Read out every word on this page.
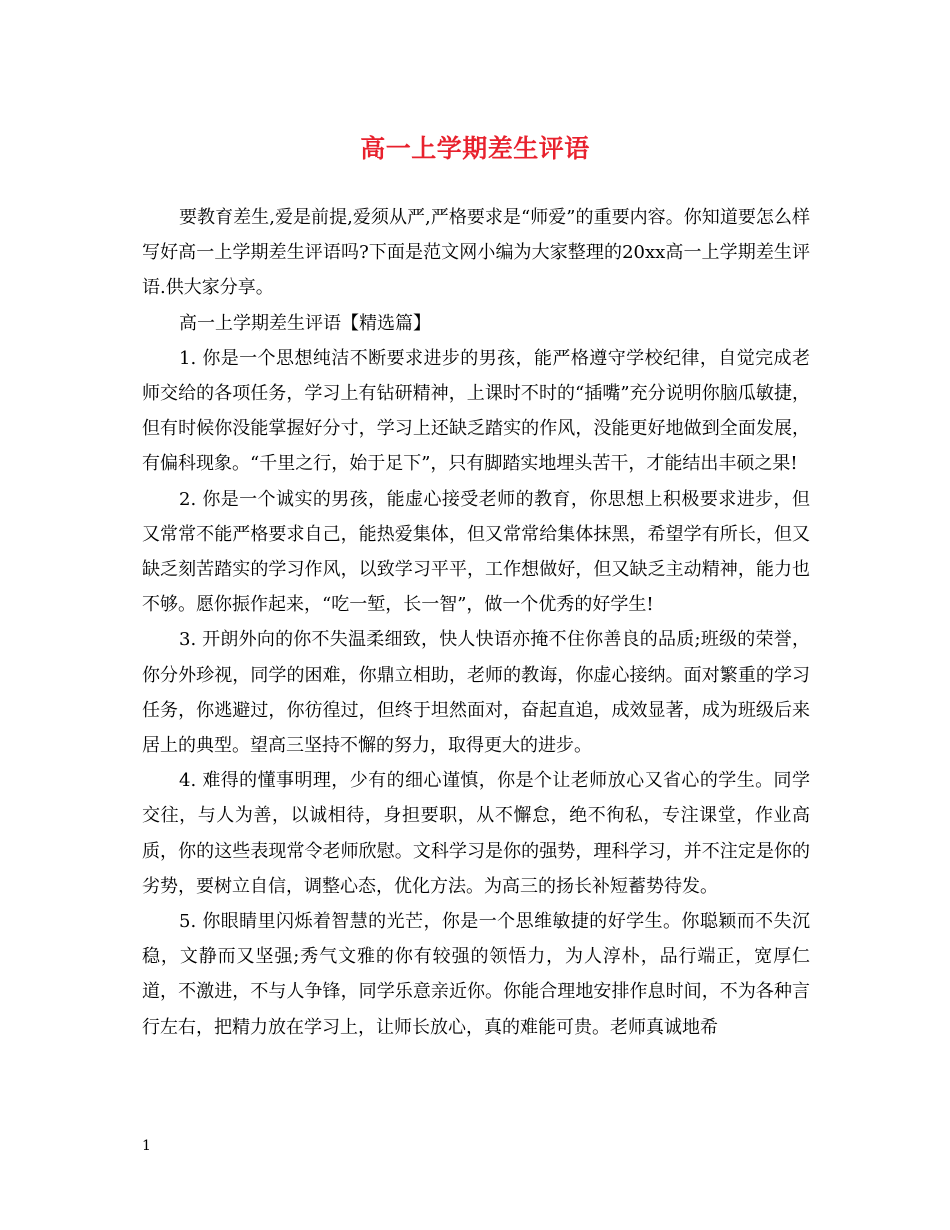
高一上学期差生评语

要教育差生,爱是前提,爱须从严,严格要求是“师爱”的重要内容。你知道要怎么样写好高一上学期差生评语吗?下面是范文网小编为大家整理的20xx高一上学期差生评语.供大家分享。

高一上学期差生评语【精选篇】

1. 你是一个思想纯洁不断要求进步的男孩，能严格遵守学校纪律，自觉完成老师交给的各项任务，学习上有钻研精神，上课时不时的“插嘴”充分说明你脑瓜敏捷，但有时候你没能掌握好分寸，学习上还缺乏踏实的作风，没能更好地做到全面发展，有偏科现象。“千里之行，始于足下”，只有脚踏实地埋头苦干，才能结出丰硕之果!

2. 你是一个诚实的男孩，能虚心接受老师的教育，你思想上积极要求进步，但又常常不能严格要求自己，能热爱集体，但又常常给集体抹黑，希望学有所长，但又缺乏刻苦踏实的学习作风，以致学习平平，工作想做好，但又缺乏主动精神，能力也不够。愿你振作起来，“吃一堑，长一智”，做一个优秀的好学生!

3. 开朗外向的你不失温柔细致，快人快语亦掩不住你善良的品质;班级的荣誉，你分外珍视，同学的困难，你鼎立相助，老师的教诲，你虚心接纳。面对繁重的学习任务，你逃避过，你彷徨过，但终于坦然面对，奋起直追，成效显著，成为班级后来居上的典型。望高三坚持不懈的努力，取得更大的进步。

4. 难得的懂事明理，少有的细心谨慎，你是个让老师放心又省心的学生。同学交往，与人为善，以诚相待，身担要职，从不懈怠，绝不徇私，专注课堂，作业高质，你的这些表现常令老师欣慰。文科学习是你的强势，理科学习，并不注定是你的劣势，要树立自信，调整心态，优化方法。为高三的扬长补短蓄势待发。

5. 你眼睛里闪烁着智慧的光芒，你是一个思维敏捷的好学生。你聪颖而不失沉稳，文静而又坚强;秀气文雅的你有较强的领悟力，为人淳朴，品行端正，宽厚仁道，不激进，不与人争锋，同学乐意亲近你。你能合理地安排作息时间，不为各种言行左右，把精力放在学习上，让师长放心，真的难能可贵。老师真诚地希

1
